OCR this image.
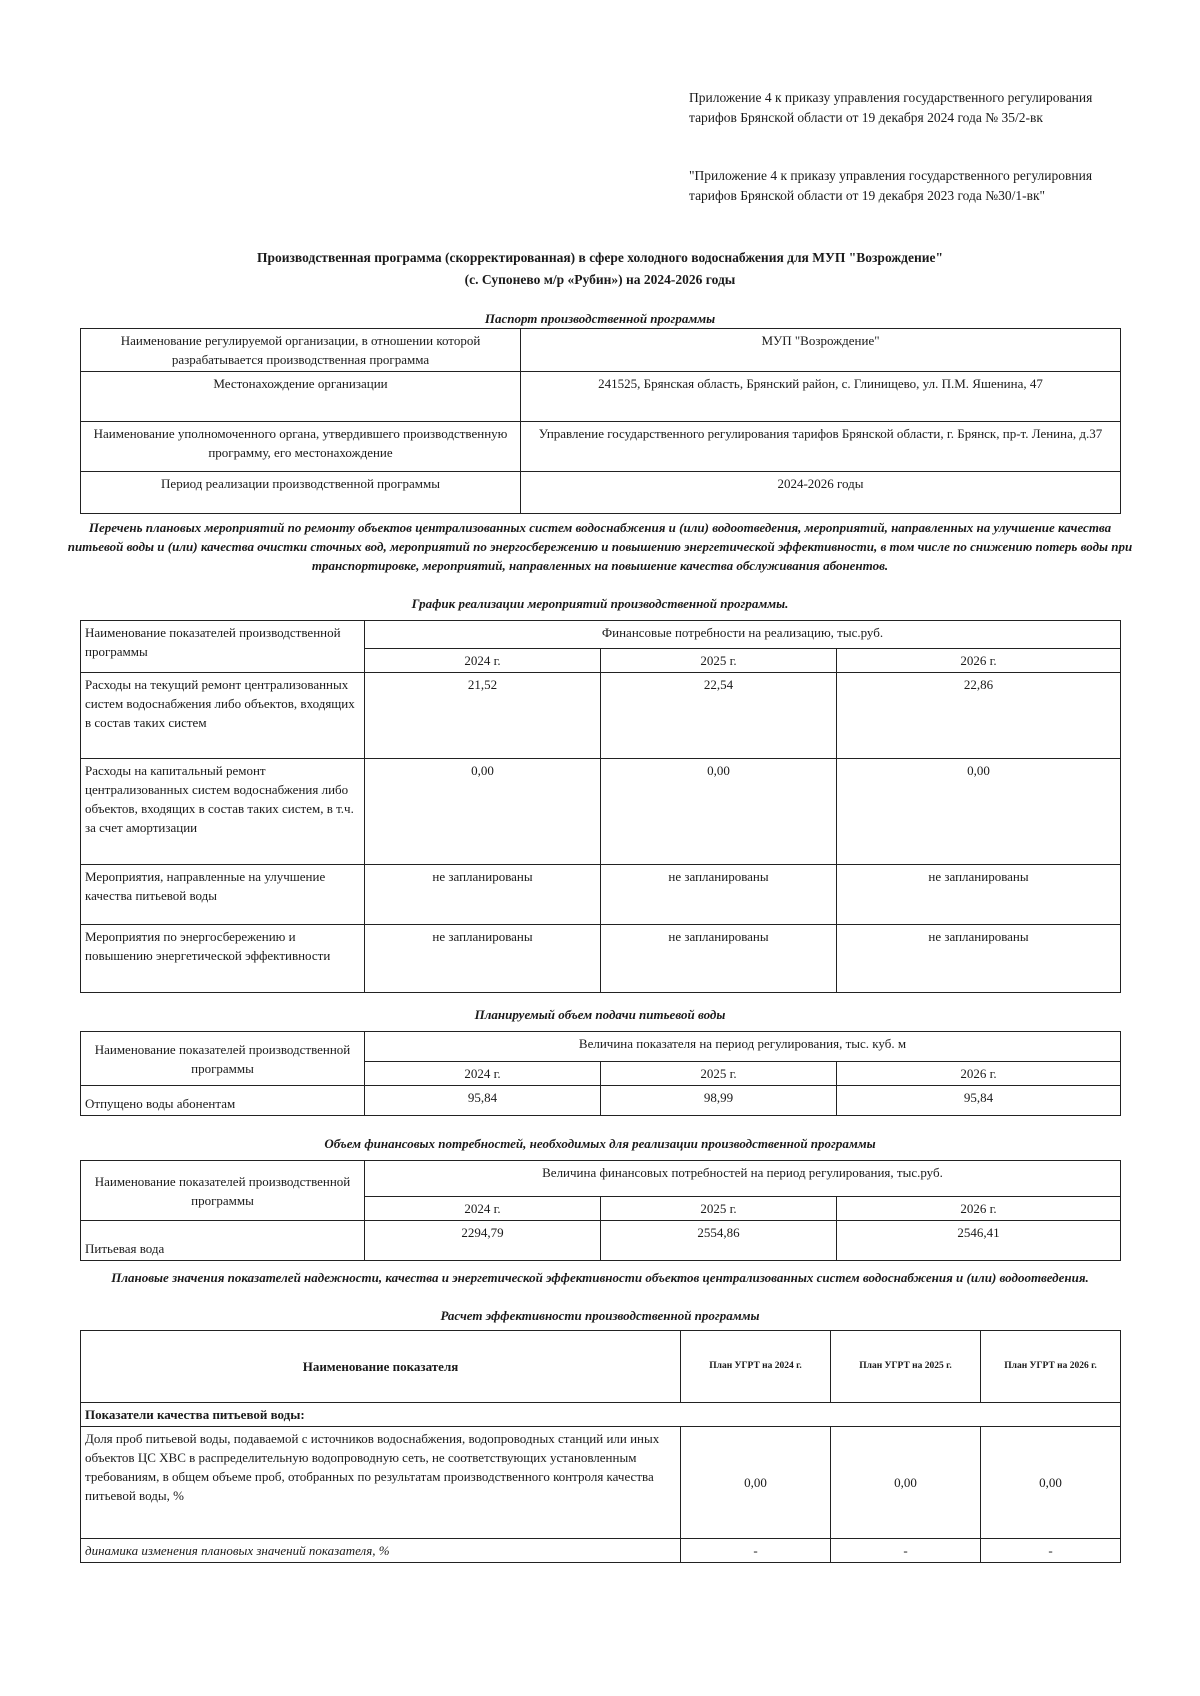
Приложение 4 к приказу управления государственного регулирования тарифов Брянской области от 19 декабря 2024 года № 35/2-вк
"Приложение 4 к приказу управления государственного регулировния тарифов Брянской области от 19 декабря 2023 года №30/1-вк"
Производственная программа (скорректированная) в сфере холодного водоснабжения для МУП "Возрождение"
(с. Супонево м/р «Рубин») на 2024-2026 годы
Паспорт производственной программы
Наименование регулируемой организации, в отношении которой разрабатывается производственная программа	МУП "Возрождение"
Местонахождение организации	241525, Брянская область, Брянский район, с. Глинищево, ул. П.М. Яшенина, 47
Наименование уполномоченного органа, утвердившего производственную программу, его местонахождение	Управление государственного регулирования тарифов Брянской области, г. Брянск, пр-т. Ленина, д.37
Период реализации производственной программы	2024-2026 годы
Перечень плановых мероприятий по ремонту объектов централизованных систем водоснабжения и (или) водоотведения, мероприятий, направленных на улучшение качества питьевой воды и (или) качества очистки сточных вод, мероприятий по энергосбережению и повышению энергетической эффективности, в том числе по снижению потерь воды при транспортировке, мероприятий, направленных на повышение качества обслуживания абонентов.
График реализации мероприятий производственной программы.
Наименование показателей производственной программы	Финансовые потребности на реализацию, тыс.руб.		
	2024 г.	2025 г.	2026 г.
Расходы на текущий ремонт централизованных систем водоснабжения либо объектов, входящих в состав таких систем	21,52	22,54	22,86
Расходы на капитальный ремонт централизованных систем водоснабжения либо объектов, входящих в состав таких систем, в т.ч. за счет амортизации	0,00	0,00	0,00
Мероприятия, направленные на улучшение качества питьевой воды	не запланированы	не запланированы	не запланированы
Мероприятия по энергосбережению и повышению энергетической эффективности	не запланированы	не запланированы	не запланированы
Планируемый объем подачи питьевой воды
Наименование показателей производственной программы	Величина показателя на период регулирования, тыс. куб. м		
	2024 г.	2025 г.	2026 г.
Отпущено воды абонентам	95,84	98,99	95,84
Объем финансовых потребностей, необходимых для реализации производственной программы
Наименование показателей производственной программы	Величина финансовых потребностей на период регулирования, тыс.руб.		
	2024 г.	2025 г.	2026 г.
Питьевая вода	2294,79	2554,86	2546,41
Плановые значения показателей надежности, качества и энергетической эффективности объектов централизованных систем водоснабжения и (или) водоотведения.
Расчет эффективности производственной программы
Наименование показателя	План УГРТ на 2024 г.	План УГРТ на 2025 г.	План УГРТ на 2026 г.
Показатели качества питьевой воды:			
Доля проб питьевой воды, подаваемой с источников водоснабжения, водопроводных станций или иных объектов ЦС ХВС в распределительную водопроводную сеть, не соответствующих установленным требованиям, в общем объеме проб, отобранных по результатам производственного контроля качества питьевой воды, %	0,00	0,00	0,00
динамика изменения плановых значений показателя, %	-	-	-
